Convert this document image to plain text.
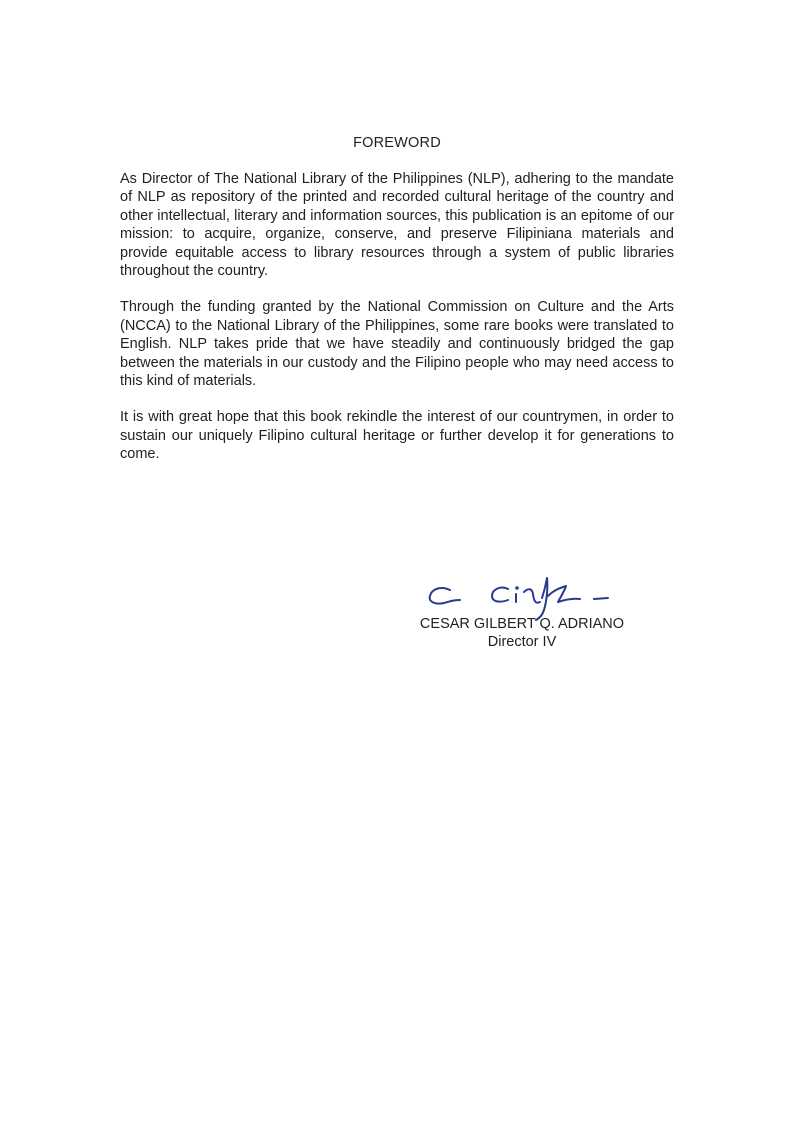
FOREWORD

As Director of The National Library of the Philippines (NLP), adhering to the mandate of NLP as repository of the printed and recorded cultural heritage of the country and other intellectual, literary and information sources, this publication is an epitome of our mission: to acquire, organize, conserve, and preserve Filipiniana materials and provide equitable access to library resources through a system of public libraries throughout the country.

Through the funding granted by the National Commission on Culture and the Arts (NCCA) to the National Library of the Philippines, some rare books were translated to English. NLP takes pride that we have steadily and continuously bridged the gap between the materials in our custody and the Filipino people who may need access to this kind of materials.

It is with great hope that this book rekindle the interest of our countrymen, in order to sustain our uniquely Filipino cultural heritage or further develop it for generations to come.

CESAR GILBERT Q. ADRIANO
Director IV
